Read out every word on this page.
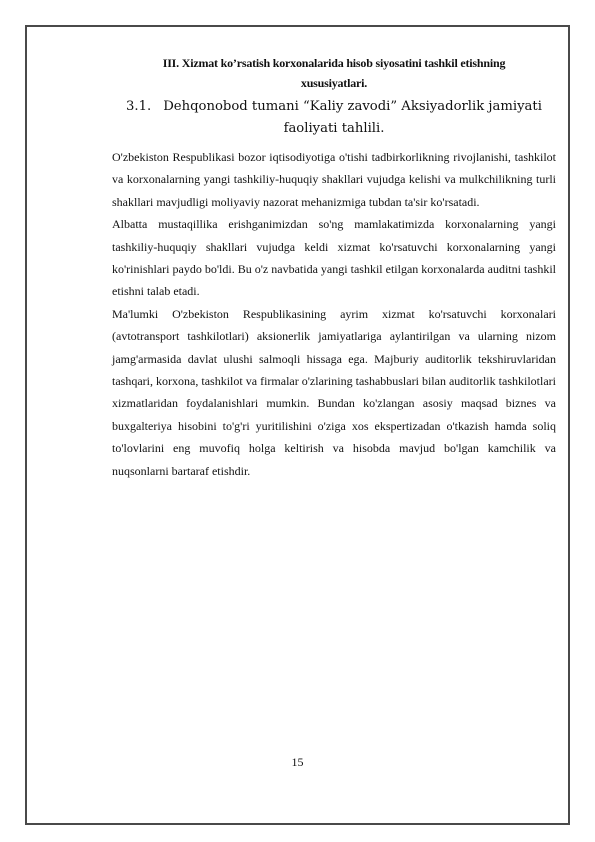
III. Xizmat ko’rsatish korxonalarida hisob siyosatini tashkil etishning
xususiyatlari.
3.1. Dehqonobod tumani “Kaliy zavodi” Aksiyadorlik jamiyati
faoliyati tahlili.

O'zbekiston Respublikasi bozor iqtisodiyotiga o'tishi tadbirkorlikning rivojlanishi, tashkilot va korxonalarning yangi tashkiliy-huquqiy shakllari vujudga kelishi va mulkchilikning turli shakllari mavjudligi moliyaviy nazorat mehanizmiga tubdan ta'sir ko'rsatadi.

Albatta mustaqillika erishganimizdan so'ng mamlakatimizda korxonalarning yangi tashkiliy-huquqiy shakllari vujudga keldi xizmat ko'rsatuvchi korxonalarning yangi ko'rinishlari paydo bo'ldi. Bu o'z navbatida yangi tashkil etilgan korxonalarda auditni tashkil etishni talab etadi.

Ma'lumki O'zbekiston Respublikasining ayrim xizmat ko'rsatuvchi korxonalari (avtotransport tashkilotlari) aksionerlik jamiyatlariga aylantirilgan va ularning nizom jamg'armasida davlat ulushi salmoqli hissaga ega. Majburiy auditorlik tekshiruvlaridan tashqari, korxona, tashkilot va firmalar o'zlarining tashabbuslari bilan auditorlik tashkilotlari xizmatlaridan foydalanishlari mumkin. Bundan ko'zlangan asosiy maqsad biznes va buxgalteriya hisobini to'g'ri yuritilishini o'ziga xos ekspertizadan o'tkazish hamda soliq to'lovlarini eng muvofiq holga keltirish va hisobda mavjud bo'lgan kamchilik va nuqsonlarni bartaraf etishdir.

15
